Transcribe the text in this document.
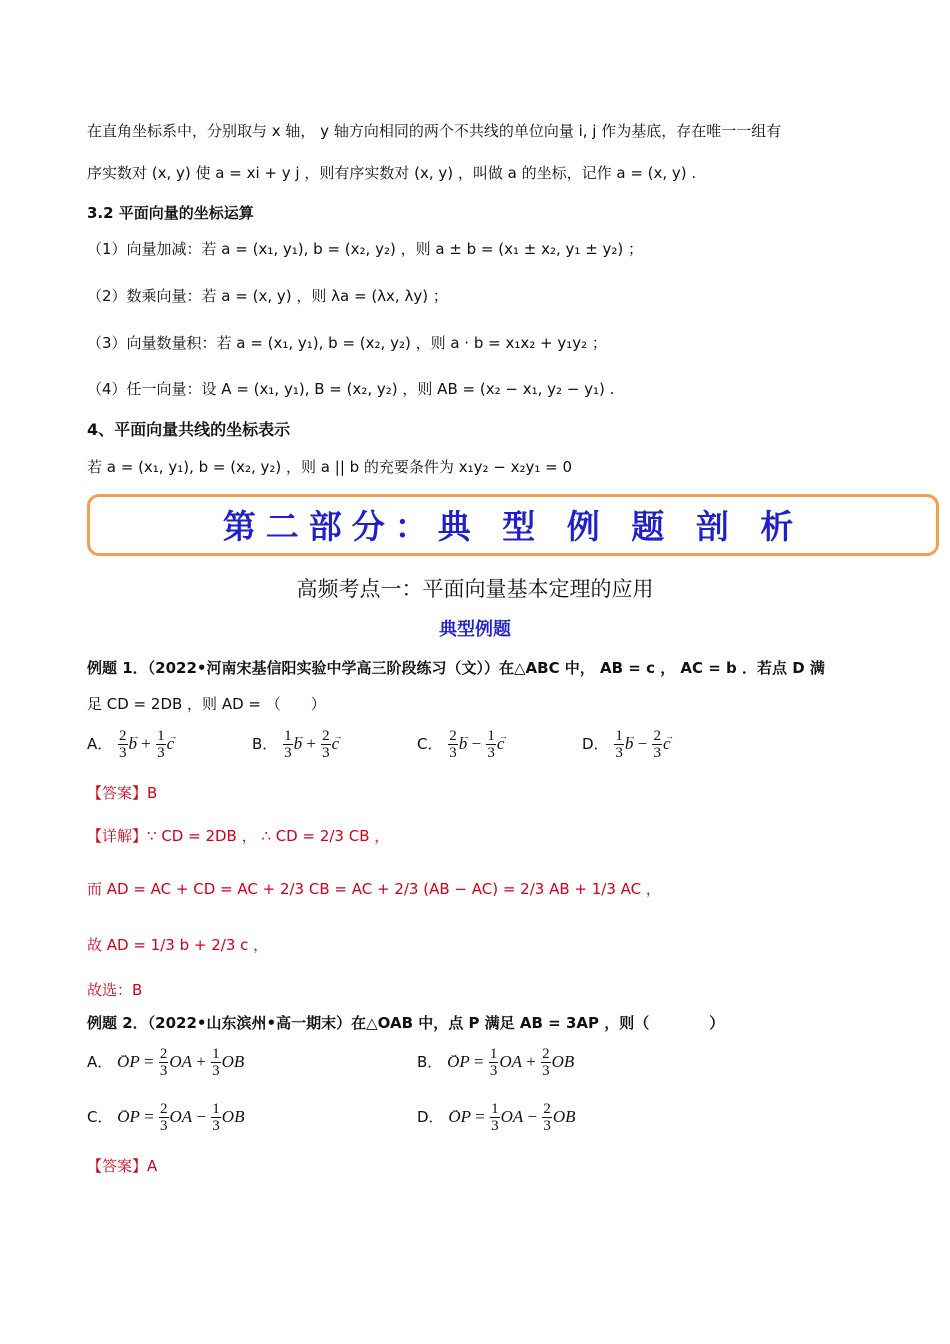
在直角坐标系中，分别取与 x 轴， y 轴方向相同的两个不共线的单位向量 i, j 作为基底，存在唯一一组有
序实数对 (x, y) 使 a = xi + y j ，则有序实数对 (x, y) ，叫做 a 的坐标，记作 a = (x, y) .
3.2 平面向量的坐标运算
（1）向量加减：若 a = (x₁, y₁), b = (x₂, y₂) ，则 a ± b = (x₁ ± x₂, y₁ ± y₂) ；
（2）数乘向量：若 a = (x, y) ，则 λa = (λx, λy) ；
（3）向量数量积：若 a = (x₁, y₁), b = (x₂, y₂) ，则 a · b = x₁x₂ + y₁y₂ ；
（4）任一向量：设 A = (x₁, y₁), B = (x₂, y₂) ，则 AB = (x₂ − x₁, y₂ − y₁) .
4、平面向量共线的坐标表示
若 a = (x₁, y₁), b = (x₂, y₂) ，则 a || b 的充要条件为 x₁y₂ − x₂y₁ = 0
第二部分：典 型 例 题 剖 析
高频考点一：平面向量基本定理的应用
典型例题
例题 1．（2022•河南宋基信阳实验中学高三阶段练习（文））在△ABC 中， AB = c ， AC = b ．若点 D 满
足 CD = 2DB ，则 AD = （　　）
A． $\frac{2}{3}$
→ $b + \frac{1}{3}$
→ c	B． $\frac{1}{3}$
→ $b + \frac{2}{3}$
→ c	C． $\frac{2}{3}$
→ $b - \frac{1}{3}$
→ c	D． $\frac{1}{3}$
→ $b - \frac{2}{3}$
→ c
【答案】B
【详解】∵ CD = 2DB ， ∴ CD = 2/3 CB ，
而 AD = AC + CD = AC + 2/3 CB = AC + 2/3 (AB − AC) = 2/3 AB + 1/3 AC ，
故 AD = 1/3 b + 2/3 c ，
故选：B
例题 2．（2022•山东滨州•高一期末）在△OAB 中，点 P 满足 AB = 3AP ，则（　　　　）
A． → OP = $\frac{2}{3}$ OA + $\frac{1}{3}$ OB	B． → OP = $\frac{1}{3}$ OA + $\frac{2}{3}$ OB
C． → OP = $\frac{2}{3}$ OA − $\frac{1}{3}$ OB	D． → OP = $\frac{1}{3}$ OA − $\frac{2}{3}$ OB
【答案】A
